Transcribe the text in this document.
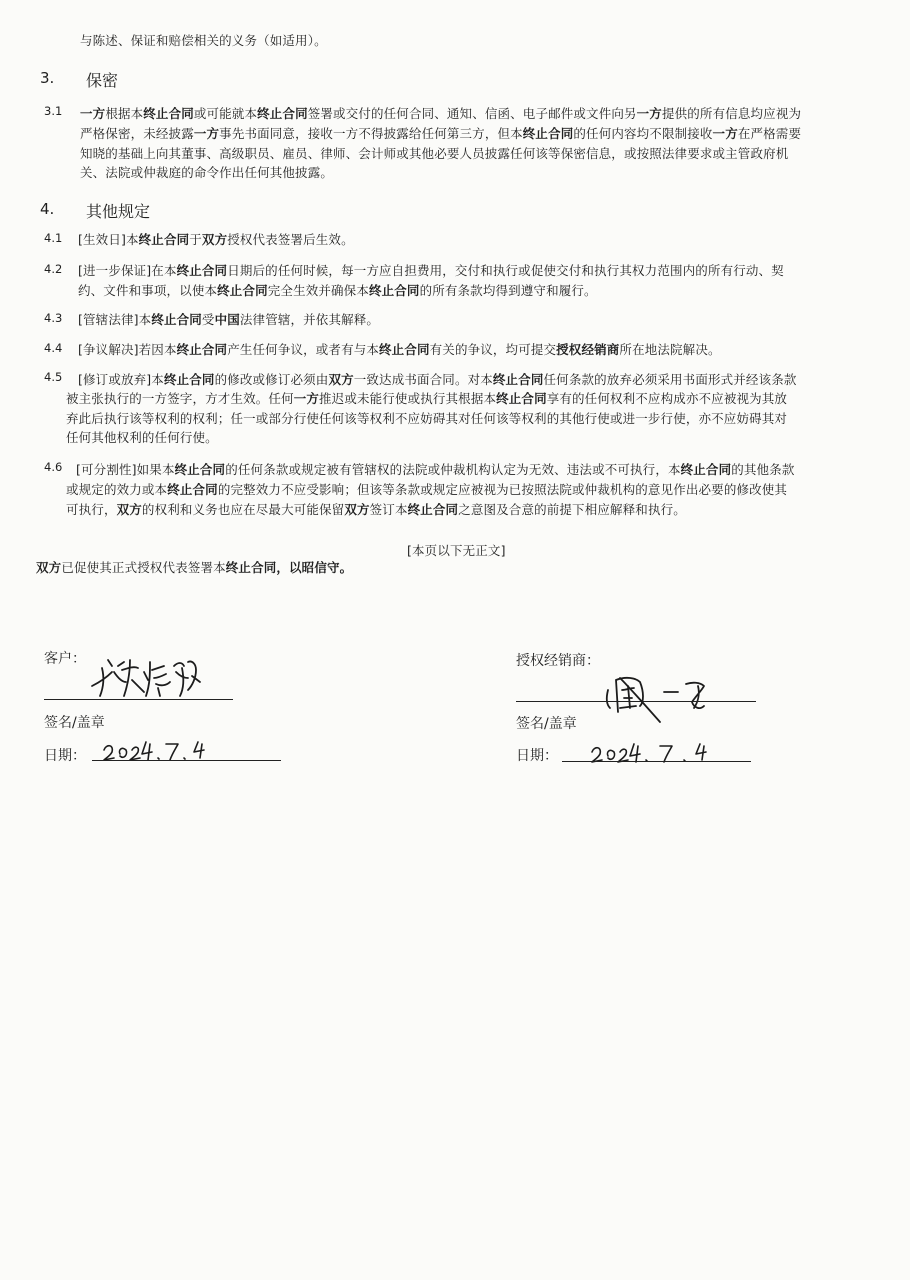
与陈述、保证和赔偿相关的义务（如适用）。
3. 保密
3.1 一方根据本终止合同或可能就本终止合同签署或交付的任何合同、通知、信函、电子邮件或文件向另一方提供的所有信息均应视为
严格保密，未经披露一方事先书面同意，接收一方不得披露给任何第三方，但本终止合同的任何内容均不限制接收一方在严格需要
知晓的基础上向其董事、高级职员、雇员、律师、会计师或其他必要人员披露任何该等保密信息，或按照法律要求或主管政府机
关、法院或仲裁庭的命令作出任何其他披露。
4. 其他规定
4.1 [生效日]本终止合同于双方授权代表签署后生效。
4.2 [进一步保证]在本终止合同日期后的任何时候，每一方应自担费用，交付和执行或促使交付和执行其权力范围内的所有行动、契
约、文件和事项，以使本终止合同完全生效并确保本终止合同的所有条款均得到遵守和履行。
4.3 [管辖法律]本终止合同受中国法律管辖，并依其解释。
4.4 [争议解决]若因本终止合同产生任何争议，或者有与本终止合同有关的争议，均可提交授权经销商所在地法院解决。
4.5 [修订或放弃]本终止合同的修改或修订必须由双方一致达成书面合同。对本终止合同任何条款的放弃必须采用书面形式并经该条款
被主张执行的一方签字，方才生效。任何一方推迟或未能行使或执行其根据本终止合同享有的任何权利不应构成亦不应被视为其放
弃此后执行该等权利的权利；任一或部分行使任何该等权利不应妨碍其对任何该等权利的其他行使或进一步行使，亦不应妨碍其对
任何其他权利的任何行使。
4.6 [可分割性]如果本终止合同的任何条款或规定被有管辖权的法院或仲裁机构认定为无效、违法或不可执行，本终止合同的其他条款
或规定的效力或本终止合同的完整效力不应受影响；但该等条款或规定应被视为已按照法院或仲裁机构的意见作出必要的修改使其
可执行，双方的权利和义务也应在尽最大可能保留双方签订本终止合同之意图及合意的前提下相应解释和执行。
[本页以下无正文]
双方已促使其正式授权代表签署本终止合同，以昭信守。
客户：
签名/盖章
日期：
授权经销商：
签名/盖章
日期：
